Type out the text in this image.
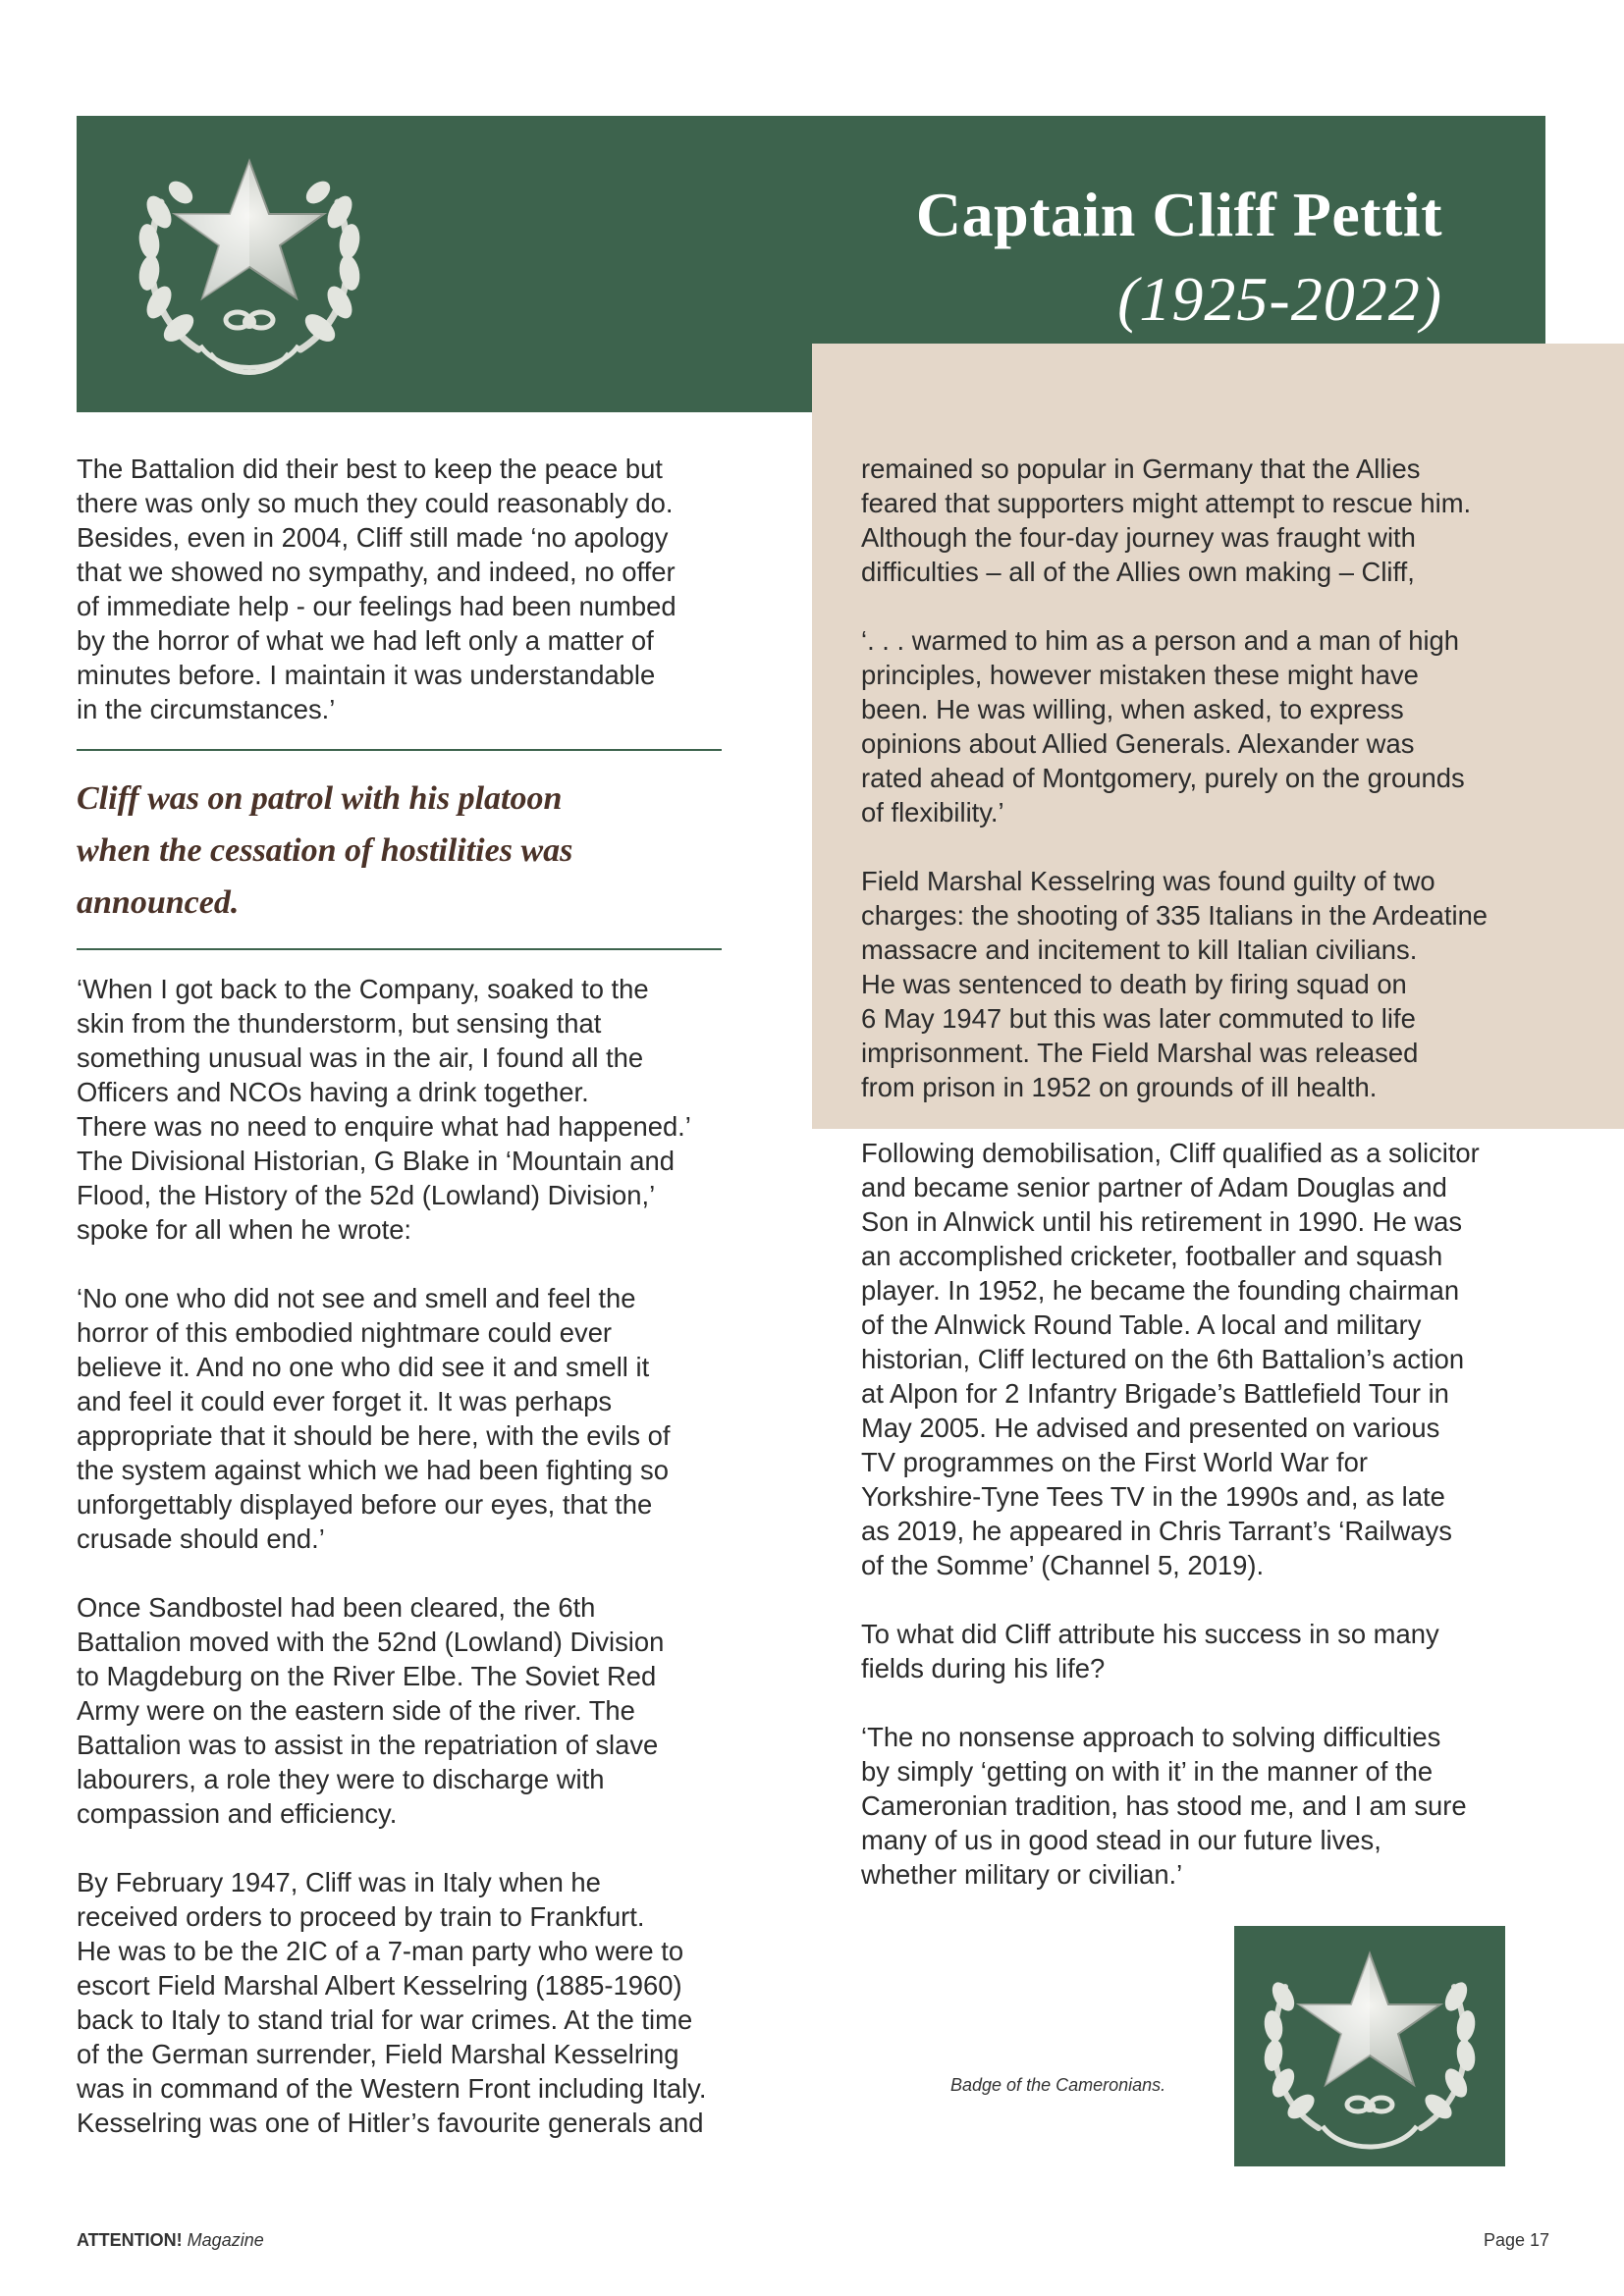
Captain Cliff Pettit
(1925-2022)

The Battalion did their best to keep the peace but
there was only so much they could reasonably do.
Besides, even in 2004, Cliff still made ‘no apology
that we showed no sympathy, and indeed, no offer
of immediate help - our feelings had been numbed
by the horror of what we had left only a matter of
minutes before. I maintain it was understandable
in the circumstances.’

Cliff was on patrol with his platoon
when the cessation of hostilities was
announced.

‘When I got back to the Company, soaked to the
skin from the thunderstorm, but sensing that
something unusual was in the air, I found all the
Officers and NCOs having a drink together.
There was no need to enquire what had happened.’
The Divisional Historian, G Blake in ‘Mountain and
Flood, the History of the 52d (Lowland) Division,’
spoke for all when he wrote:

‘No one who did not see and smell and feel the
horror of this embodied nightmare could ever
believe it. And no one who did see it and smell it
and feel it could ever forget it. It was perhaps
appropriate that it should be here, with the evils of
the system against which we had been fighting so
unforgettably displayed before our eyes, that the
crusade should end.’

Once Sandbostel had been cleared, the 6th
Battalion moved with the 52nd (Lowland) Division
to Magdeburg on the River Elbe. The Soviet Red
Army were on the eastern side of the river. The
Battalion was to assist in the repatriation of slave
labourers, a role they were to discharge with
compassion and efficiency.

By February 1947, Cliff was in Italy when he
received orders to proceed by train to Frankfurt.
He was to be the 2IC of a 7-man party who were to
escort Field Marshal Albert Kesselring (1885-1960)
back to Italy to stand trial for war crimes. At the time
of the German surrender, Field Marshal Kesselring
was in command of the Western Front including Italy.
Kesselring was one of Hitler’s favourite generals and

remained so popular in Germany that the Allies
feared that supporters might attempt to rescue him.
Although the four-day journey was fraught with
difficulties – all of the Allies own making – Cliff,

‘. . . warmed to him as a person and a man of high
principles, however mistaken these might have
been. He was willing, when asked, to express
opinions about Allied Generals. Alexander was
rated ahead of Montgomery, purely on the grounds
of flexibility.’

Field Marshal Kesselring was found guilty of two
charges: the shooting of 335 Italians in the Ardeatine
massacre and incitement to kill Italian civilians.
He was sentenced to death by firing squad on
6 May 1947 but this was later commuted to life
imprisonment. The Field Marshal was released
from prison in 1952 on grounds of ill health.

Following demobilisation, Cliff qualified as a solicitor
and became senior partner of Adam Douglas and
Son in Alnwick until his retirement in 1990. He was
an accomplished cricketer, footballer and squash
player. In 1952, he became the founding chairman
of the Alnwick Round Table. A local and military
historian, Cliff lectured on the 6th Battalion’s action
at Alpon for 2 Infantry Brigade’s Battlefield Tour in
May 2005. He advised and presented on various
TV programmes on the First World War for
Yorkshire-Tyne Tees TV in the 1990s and, as late
as 2019, he appeared in Chris Tarrant’s ‘Railways
of the Somme’ (Channel 5, 2019).

To what did Cliff attribute his success in so many
fields during his life?

‘The no nonsense approach to solving difficulties
by simply ‘getting on with it’ in the manner of the
Cameronian tradition, has stood me, and I am sure
many of us in good stead in our future lives,
whether military or civilian.’

Badge of the Cameronians.
ATTENTION! Magazine	Page 17
